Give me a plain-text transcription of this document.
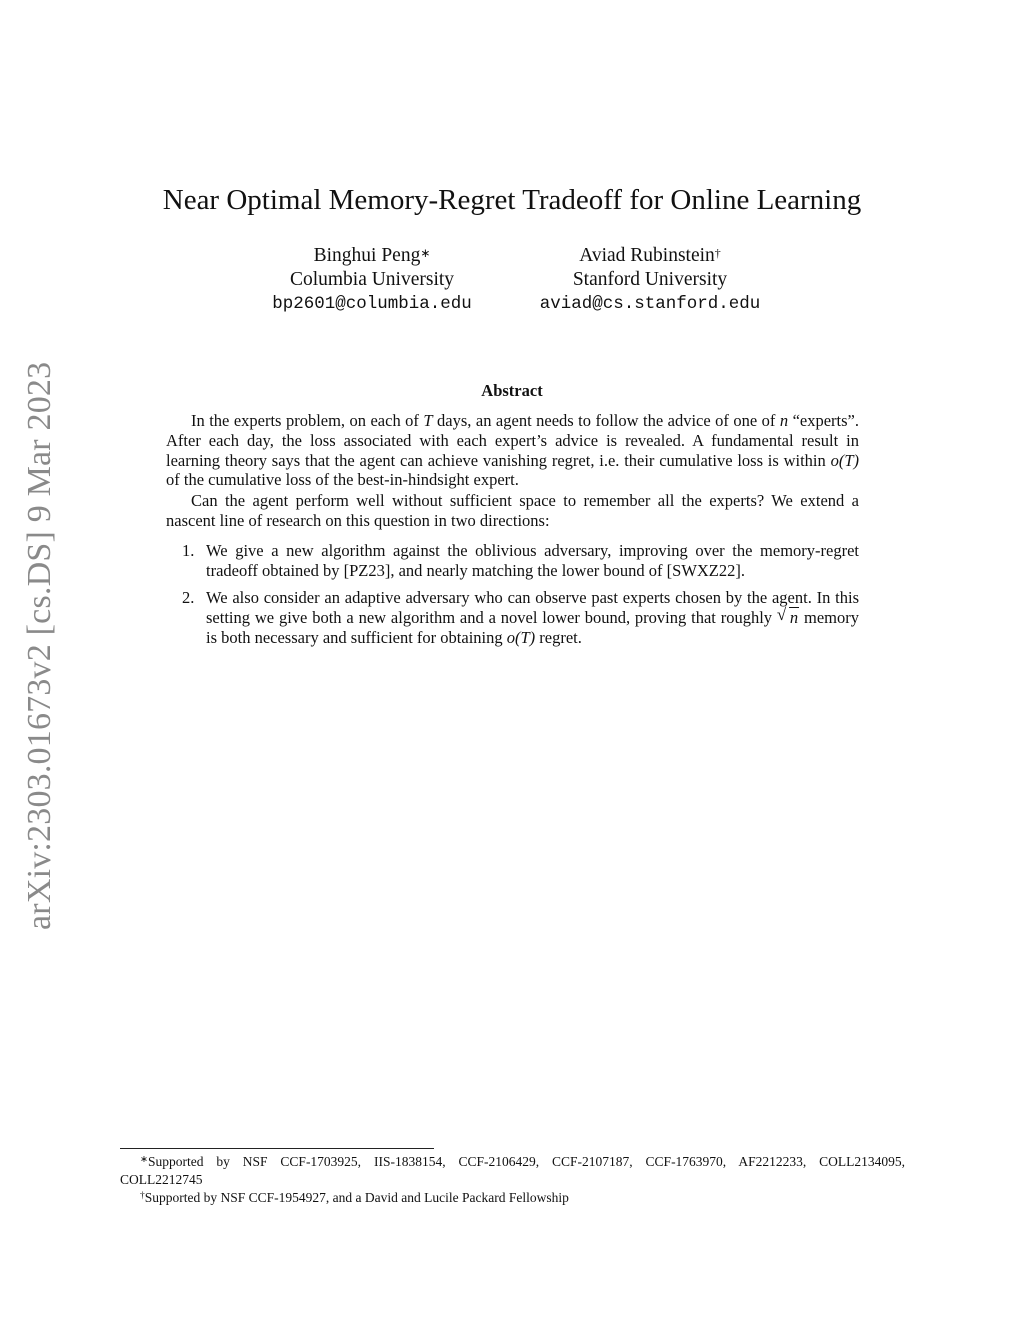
arXiv:2303.01673v2 [cs.DS] 9 Mar 2023
Near Optimal Memory-Regret Tradeoff for Online Learning
Binghui Peng∗
Columbia University
bp2601@columbia.edu
Aviad Rubinstein†
Stanford University
aviad@cs.stanford.edu
Abstract

In the experts problem, on each of T days, an agent needs to follow the advice of one of n “experts”. After each day, the loss associated with each expert’s advice is revealed. A fundamental result in learning theory says that the agent can achieve vanishing regret, i.e. their cumulative loss is within o(T) of the cumulative loss of the best-in-hindsight expert.

Can the agent perform well without sufficient space to remember all the experts? We extend a nascent line of research on this question in two directions:

1. We give a new algorithm against the oblivious adversary, improving over the memory-regret tradeoff obtained by [PZ23], and nearly matching the lower bound of [SWXZ22].
2. We also consider an adaptive adversary who can observe past experts chosen by the agent. In this setting we give both a new algorithm and a novel lower bound, proving that roughly √ n memory is both necessary and sufficient for obtaining o(T) regret.

∗Supported by NSF CCF-1703925, IIS-1838154, CCF-2106429, CCF-2107187, CCF-1763970, AF2212233, COLL2134095, COLL2212745

†Supported by NSF CCF-1954927, and a David and Lucile Packard Fellowship
